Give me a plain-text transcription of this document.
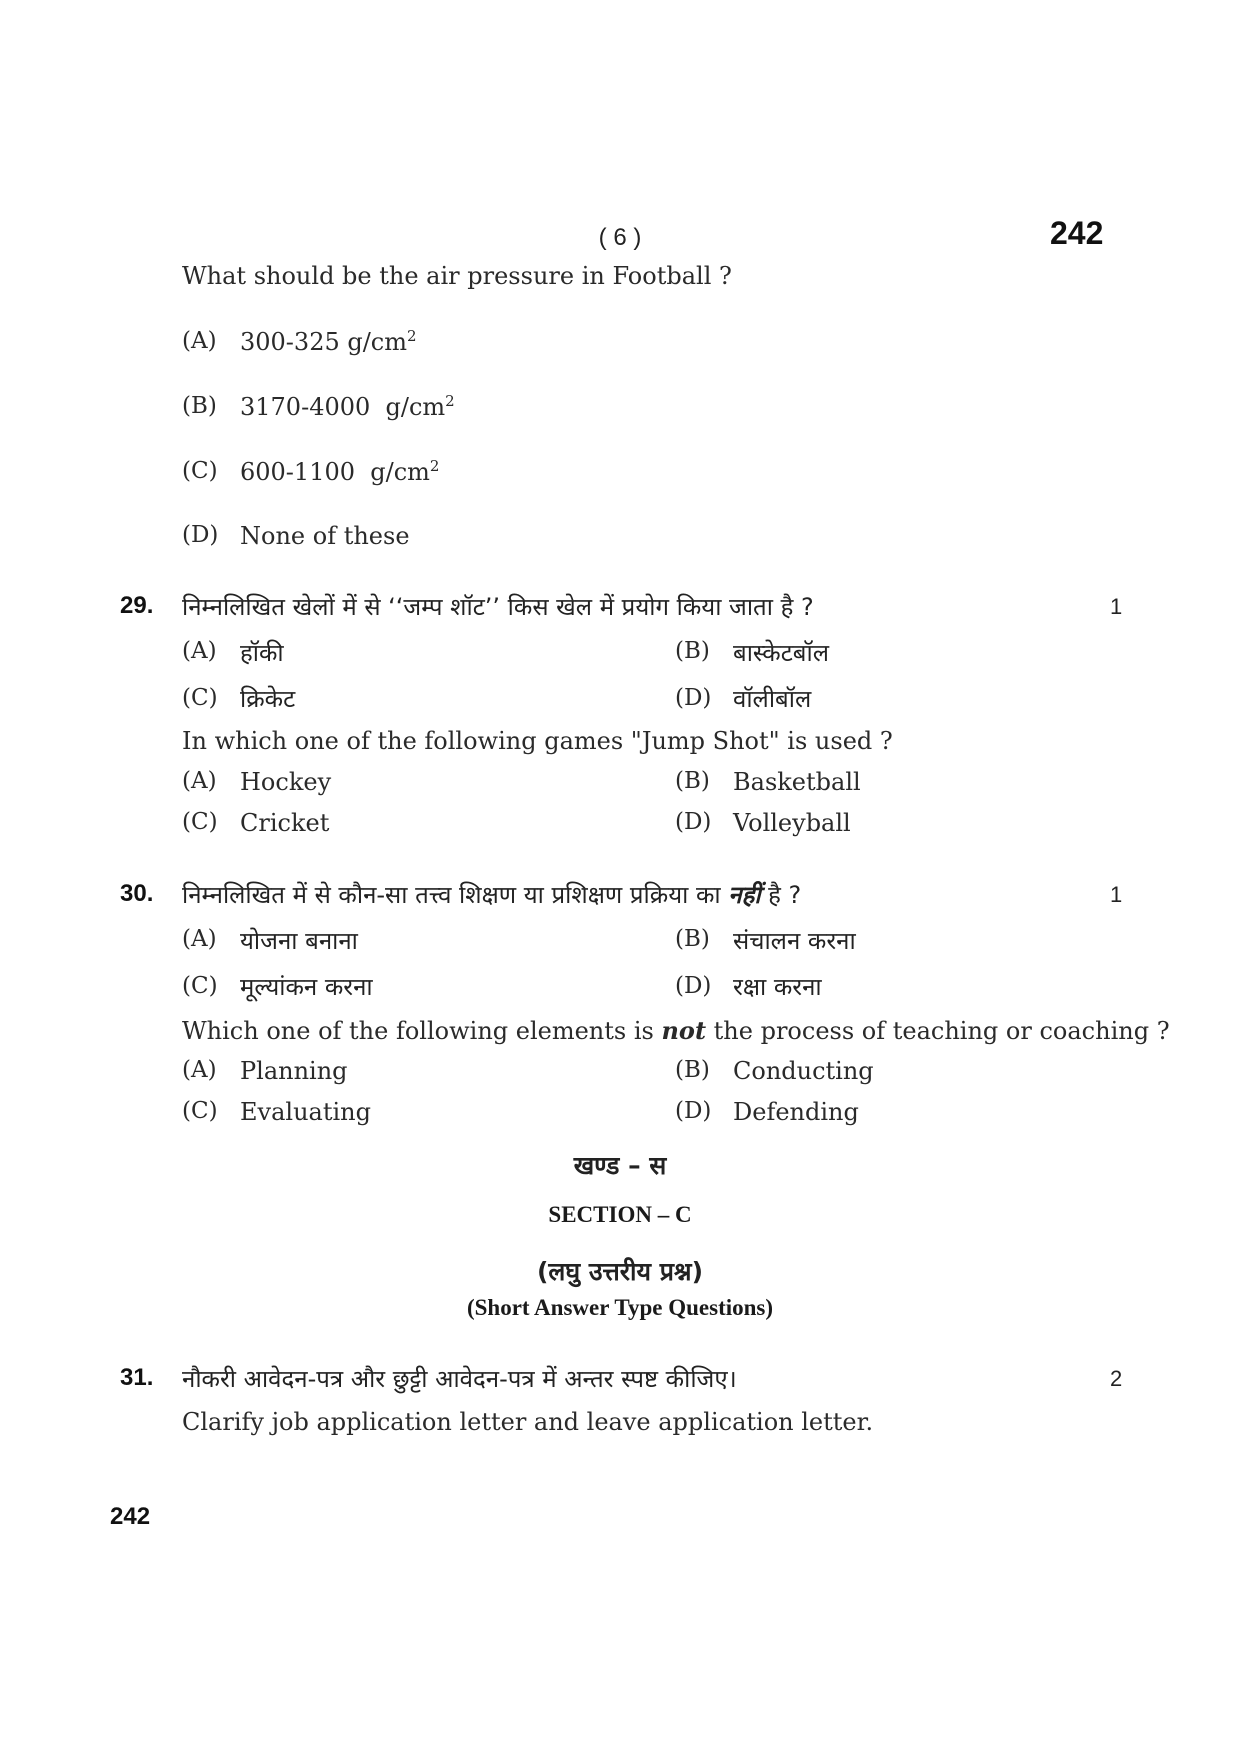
( 6 )	242
What should be the air pressure in Football ?
(A) 300-325 $g/cm^2$
(B) 3170-4000  $g/cm^2$
(C) 600-1100  $g/cm^2$
(D) None of these
29. निम्नलिखित खेलों में से ‘‘जम्प शॉट’’ किस खेल में प्रयोग किया जाता है ?	1
(A) हॉकी	(B) बास्केटबॉल
(C) क्रिकेट	(D) वॉलीबॉल
In which one of the following games "Jump Shot" is used ?
(A) Hockey	(B) Basketball
(C) Cricket	(D) Volleyball
30. निम्नलिखित में से कौन-सा तत्त्व शिक्षण या प्रशिक्षण प्रक्रिया का नहीं है ?	1
(A) योजना बनाना	(B) संचालन करना
(C) मूल्यांकन करना	(D) रक्षा करना
Which one of the following elements is not the process of teaching or coaching ?
(A) Planning	(B) Conducting
(C) Evaluating	(D) Defending
खण्ड – स
SECTION – C
(लघु उत्तरीय प्रश्न)
(Short Answer Type Questions)
31. नौकरी आवेदन-पत्र और छुट्टी आवेदन-पत्र में अन्तर स्पष्ट कीजिए।	2
Clarify job application letter and leave application letter.
242
